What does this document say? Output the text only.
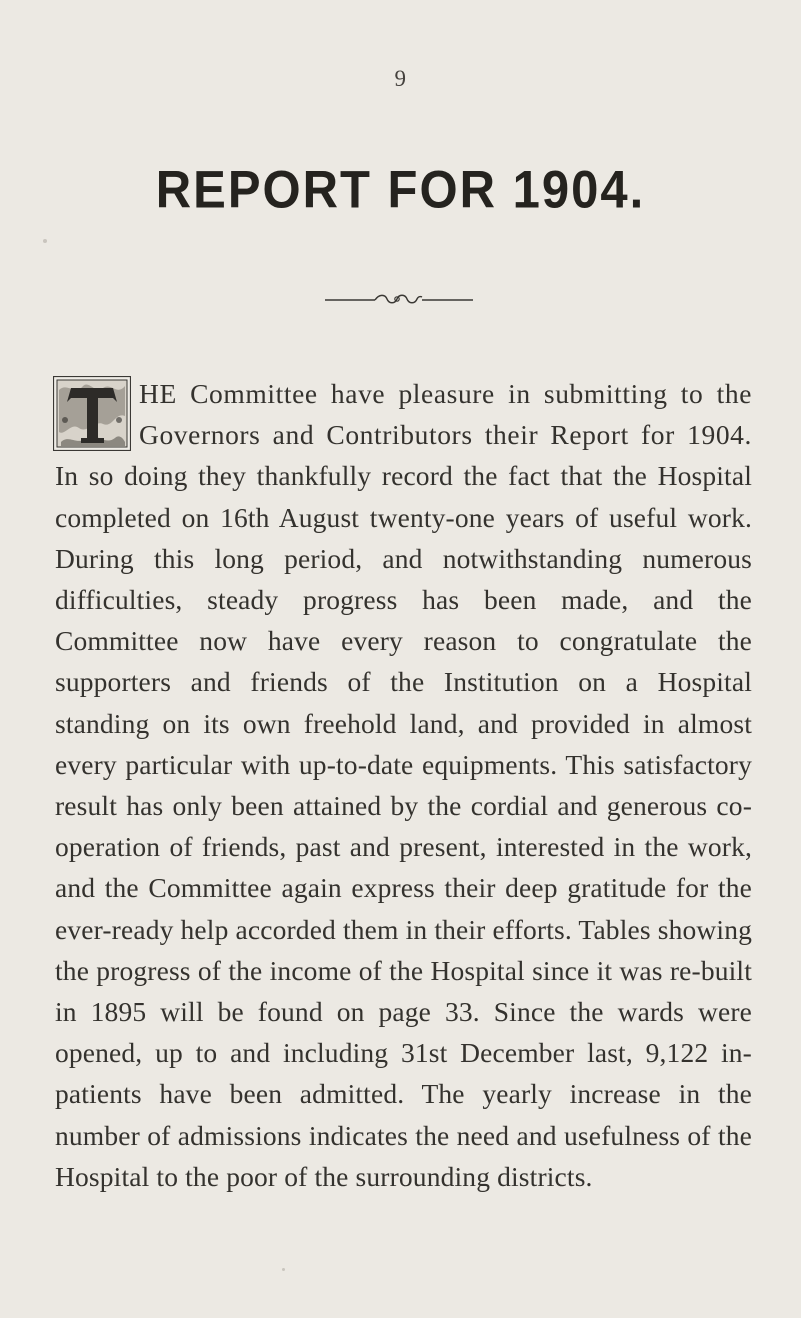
9
REPORT FOR 1904.
HE Committee have pleasure in submitting to the Governors and Contributors their Report for 1904. In so doing they thankfully record the fact that the Hospital completed on 16th August twenty-one years of useful work. During this long period, and notwithstanding numerous difficulties, steady progress has been made, and the Committee now have every reason to congratulate the supporters and friends of the Institution on a Hospital standing on its own freehold land, and provided in almost every particular with up-to-date equipments. This satisfactory result has only been attained by the cordial and generous co-operation of friends, past and present, interested in the work, and the Committee again express their deep gratitude for the ever-ready help accorded them in their efforts. Tables showing the progress of the income of the Hospital since it was re-built in 1895 will be found on page 33. Since the wards were opened, up to and including 31st December last, 9,122 in-patients have been admitted. The yearly increase in the number of admissions indicates the need and usefulness of the Hospital to the poor of the surrounding districts.
